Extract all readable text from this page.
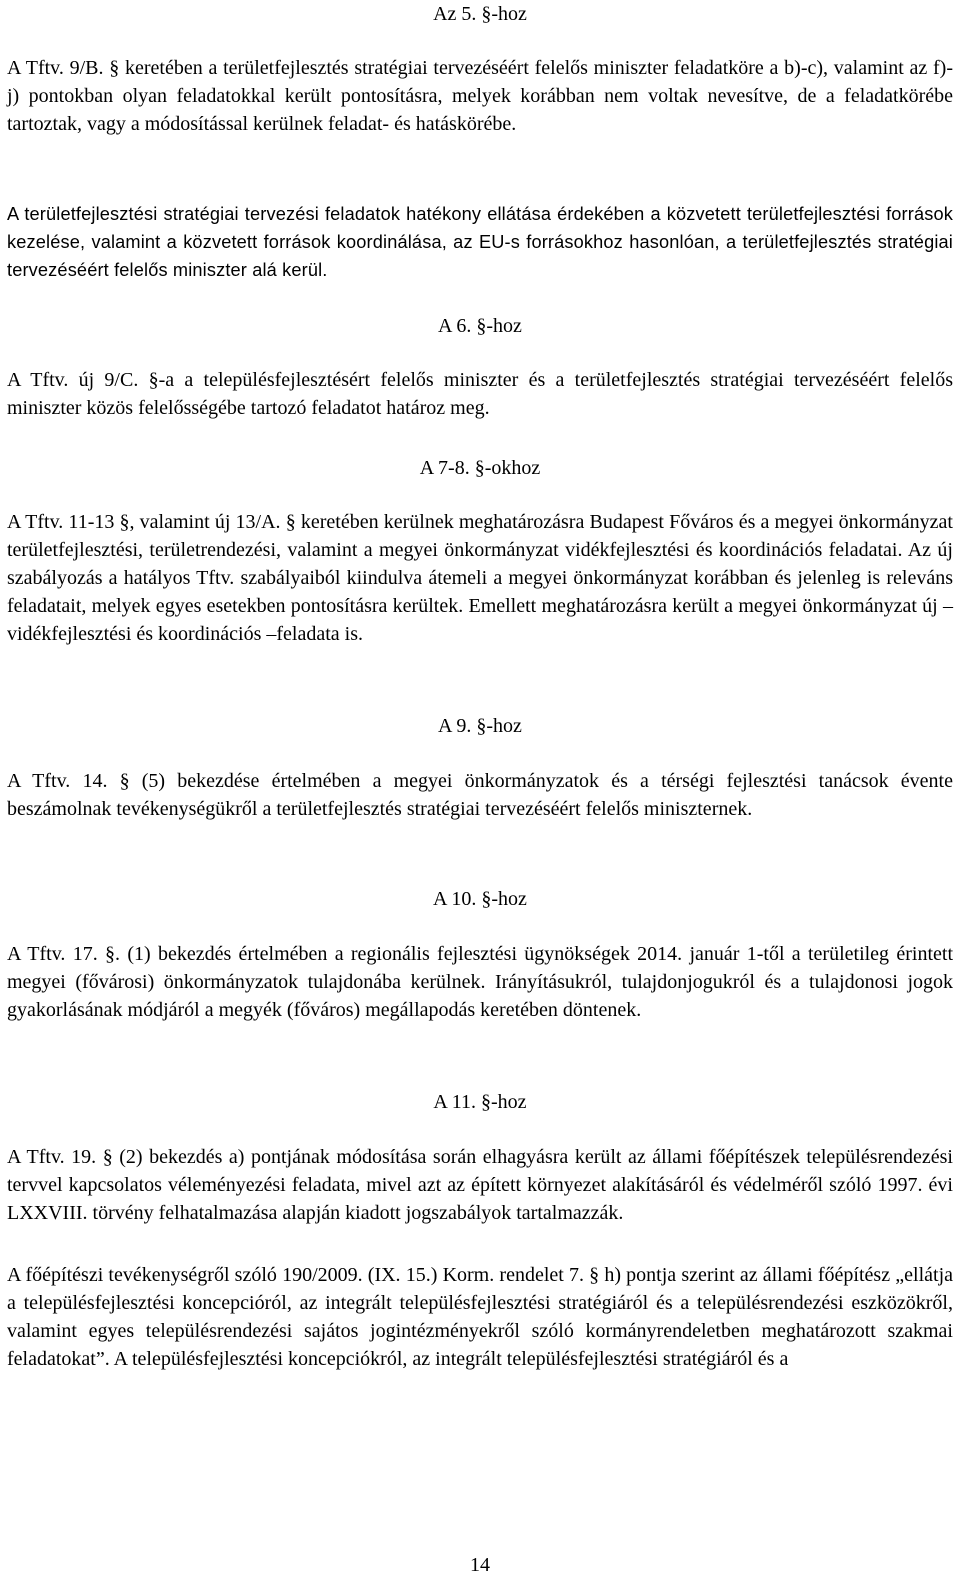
Az 5. §-hoz
A Tftv. 9/B. § keretében a területfejlesztés stratégiai tervezéséért felelős miniszter feladatköre a b)-c), valamint az f)-j) pontokban olyan feladatokkal került pontosításra, melyek korábban nem voltak nevesítve, de a feladatkörébe tartoztak, vagy a módosítással kerülnek feladat- és hatáskörébe.
A területfejlesztési stratégiai tervezési feladatok hatékony ellátása érdekében a közvetett területfejlesztési források kezelése, valamint a közvetett források koordinálása, az EU-s forrásokhoz hasonlóan, a területfejlesztés stratégiai tervezéséért felelős miniszter alá kerül.
A 6. §-hoz
A Tftv. új 9/C. §-a a településfejlesztésért felelős miniszter és a területfejlesztés stratégiai tervezéséért felelős miniszter közös felelősségébe tartozó feladatot határoz meg.
A 7-8. §-okhoz
A Tftv. 11-13 §, valamint új 13/A. § keretében kerülnek meghatározásra Budapest Főváros és a megyei önkormányzat területfejlesztési, területrendezési, valamint a megyei önkormányzat vidékfejlesztési és koordinációs feladatai. Az új szabályozás a hatályos Tftv. szabályaiból kiindulva átemeli a megyei önkormányzat korábban és jelenleg is releváns feladatait, melyek egyes esetekben pontosításra kerültek. Emellett meghatározásra került a megyei önkormányzat új – vidékfejlesztési és koordinációs –feladata is.
A 9. §-hoz
A Tftv. 14. § (5) bekezdése értelmében a megyei önkormányzatok és a térségi fejlesztési tanácsok évente beszámolnak tevékenységükről a területfejlesztés stratégiai tervezéséért felelős miniszternek.
A 10. §-hoz
A Tftv. 17. §. (1) bekezdés értelmében a regionális fejlesztési ügynökségek 2014. január 1-től a területileg érintett megyei (fővárosi) önkormányzatok tulajdonába kerülnek. Irányításukról, tulajdonjogukról és a tulajdonosi jogok gyakorlásának módjáról a megyék (főváros) megállapodás keretében döntenek.
A 11. §-hoz
A Tftv. 19. § (2) bekezdés a) pontjának módosítása során elhagyásra került az állami főépítészek településrendezési tervvel kapcsolatos véleményezési feladata, mivel azt az épített környezet alakításáról és védelméről szóló 1997. évi LXXVIII. törvény felhatalmazása alapján kiadott jogszabályok tartalmazzák.
A főépítészi tevékenységről szóló 190/2009. (IX. 15.) Korm. rendelet 7. § h) pontja szerint az állami főépítész „ellátja a településfejlesztési koncepcióról, az integrált településfejlesztési stratégiáról és a településrendezési eszközökről, valamint egyes településrendezési sajátos jogintézményekről szóló kormányrendeletben meghatározott szakmai feladatokat”. A településfejlesztési koncepciókról, az integrált településfejlesztési stratégiáról és a
14
